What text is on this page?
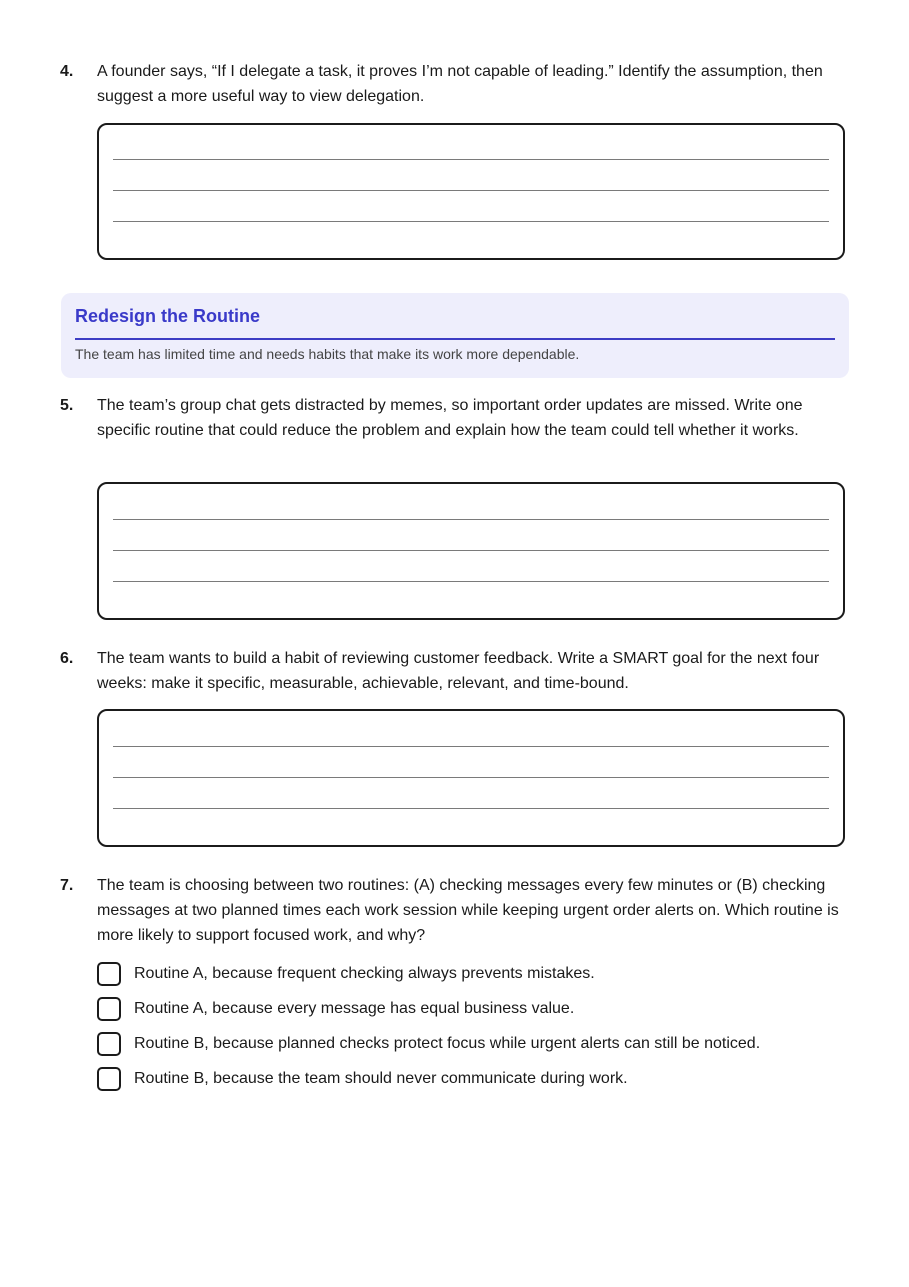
4.	A founder says, “If I delegate a task, it proves I’m not capable of leading.” Identify the assumption, then suggest a more useful way to view delegation.
Redesign the Routine
The team has limited time and needs habits that make its work more dependable.
5.	The team’s group chat gets distracted by memes, so important order updates are missed. Write one specific routine that could reduce the problem and explain how the team could tell whether it works.
6.	The team wants to build a habit of reviewing customer feedback. Write a SMART goal for the next four weeks: make it specific, measurable, achievable, relevant, and time-bound.
7.	The team is choosing between two routines: (A) checking messages every few minutes or (B) checking messages at two planned times each work session while keeping urgent order alerts on. Which routine is more likely to support focused work, and why?
Routine A, because frequent checking always prevents mistakes.
Routine A, because every message has equal business value.
Routine B, because planned checks protect focus while urgent alerts can still be noticed.
Routine B, because the team should never communicate during work.
